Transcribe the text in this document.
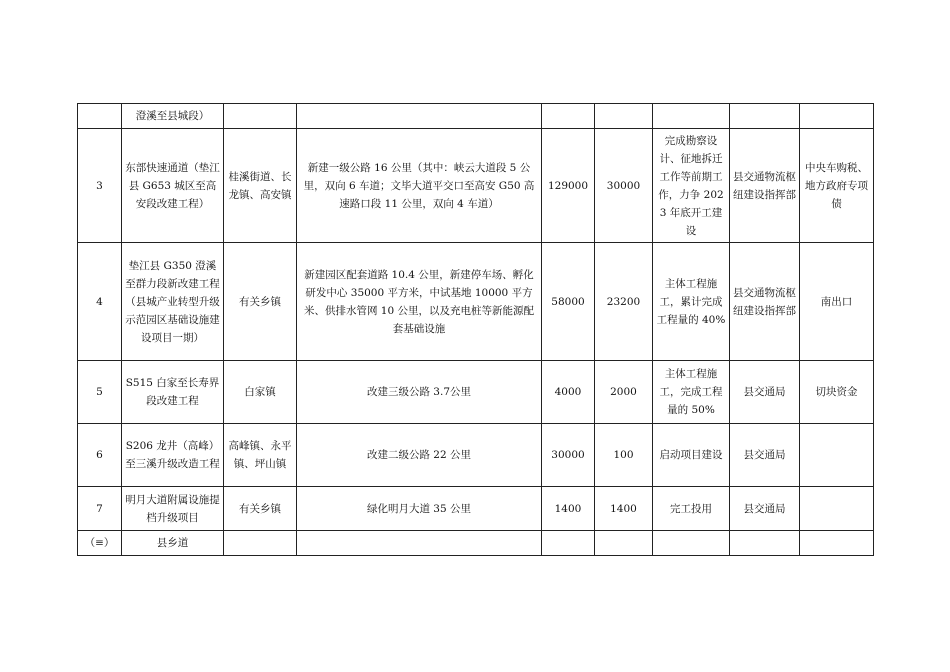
	澄溪至县城段）							
3	东部快速通道（垫江县 G653 城区至高安段改建工程）	桂溪街道、长龙镇、高安镇	新建一级公路 16 公里（其中：峡云大道段 5 公里，双向 6 车道；文毕大道平交口至高安 G50 高速路口段 11 公里，双向 4 车道）	129000	30000	完成勘察设计、征地拆迁工作等前期工作，力争 2023 年底开工建设	县交通物流枢纽建设指挥部	中央车购税、地方政府专项债
4	垫江县 G350 澄溪至群力段新改建工程（县城产业转型升级示范园区基础设施建设项目一期）	有关乡镇	新建园区配套道路 10.4 公里，新建停车场、孵化研发中心 35000 平方米，中试基地 10000 平方米、供排水管网 10 公里，以及充电桩等新能源配套基础设施	58000	23200	主体工程施工，累计完成工程量的 40%	县交通物流枢纽建设指挥部	南出口
5	S515 白家至长寿界段改建工程	白家镇	改建三级公路 3.7公里	4000	2000	主体工程施工，完成工程量的 50%	县交通局	切块资金
6	S206 龙井（高峰）至三溪升级改造工程	高峰镇、永平镇、坪山镇	改建二级公路 22 公里	30000	100	启动项目建设	县交通局	
7	明月大道附属设施提档升级项目	有关乡镇	绿化明月大道 35 公里	1400	1400	完工投用	县交通局	
（≡）	县乡道							
